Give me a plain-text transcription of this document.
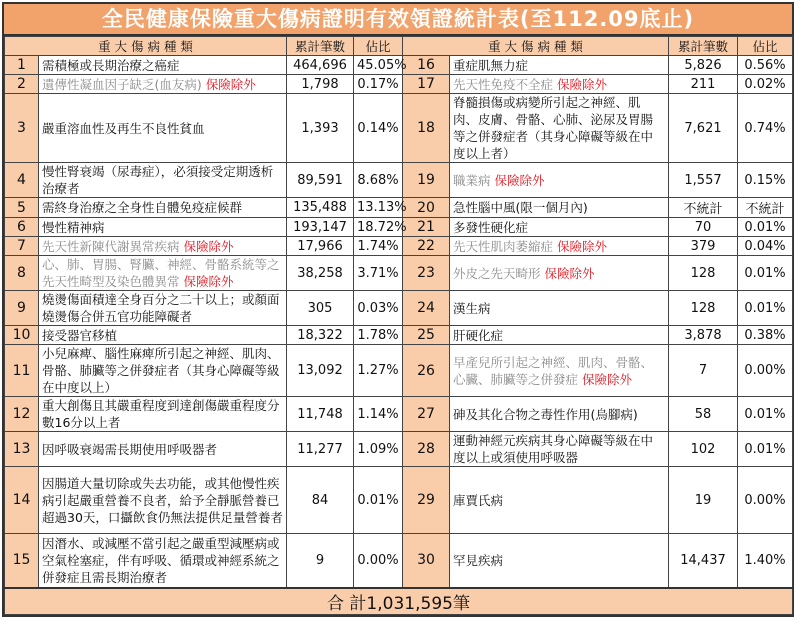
全民健康保險重大傷病證明有效領證統計表(至112.09底止)
重 大 傷 病 種 類		累計筆數	佔比	重 大 傷 病 種 類		累計筆數	佔比
1	需積極或長期治療之癌症	464,696	45.05%	16	重症肌無力症	5,826	0.56%
2	遺傳性凝血因子缺乏(血友病) 保險除外	1,798	0.17%	17	先天性免疫不全症 保險除外	211	0.02%
3	嚴重溶血性及再生不良性貧血	1,393	0.14%	18	脊髓損傷或病變所引起之神經、肌肉、皮膚、骨骼、心肺、泌尿及胃腸等之併發症者（其身心障礙等級在中度以上者）	7,621	0.74%
4	慢性腎衰竭（尿毒症），必須接受定期透析治療者	89,591	8.68%	19	職業病 保險除外	1,557	0.15%
5	需終身治療之全身性自體免疫症候群	135,488	13.13%	20	急性腦中風(限一個月內)	不統計	不統計
6	慢性精神病	193,147	18.72%	21	多發性硬化症	70	0.01%
7	先天性新陳代謝異常疾病 保險除外	17,966	1.74%	22	先天性肌肉萎縮症 保險除外	379	0.04%
8	心、肺、胃腸、腎臟、神經、骨骼系統等之先天性畸型及染色體異常 保險除外	38,258	3.71%	23	外皮之先天畸形 保險除外	128	0.01%
9	燒燙傷面積達全身百分之二十以上；或顏面燒燙傷合併五官功能障礙者	305	0.03%	24	漢生病	128	0.01%
10	接受器官移植	18,322	1.78%	25	肝硬化症	3,878	0.38%
11	小兒麻痺、腦性麻痺所引起之神經、肌肉、骨骼、肺臟等之併發症者（其身心障礙等級在中度以上）	13,092	1.27%	26	早產兒所引起之神經、肌肉、骨骼、心臟、肺臟等之併發症 保險除外	7	0.00%
12	重大創傷且其嚴重程度到達創傷嚴重程度分數16分以上者	11,748	1.14%	27	砷及其化合物之毒性作用(烏腳病)	58	0.01%
13	因呼吸衰竭需長期使用呼吸器者	11,277	1.09%	28	運動神經元疾病其身心障礙等級在中度以上或須使用呼吸器	102	0.01%
14	因腸道大量切除或失去功能，或其他慢性疾病引起嚴重營養不良者，給予全靜脈營養已超過30天，口攝飲食仍無法提供足量營養者	84	0.01%	29	庫賈氏病	19	0.00%
15	因潛水、或減壓不當引起之嚴重型減壓病或空氣栓塞症，伴有呼吸、循環或神經系統之併發症且需長期治療者	9	0.00%	30	罕見疾病	14,437	1.40%
合 計1,031,595筆							
